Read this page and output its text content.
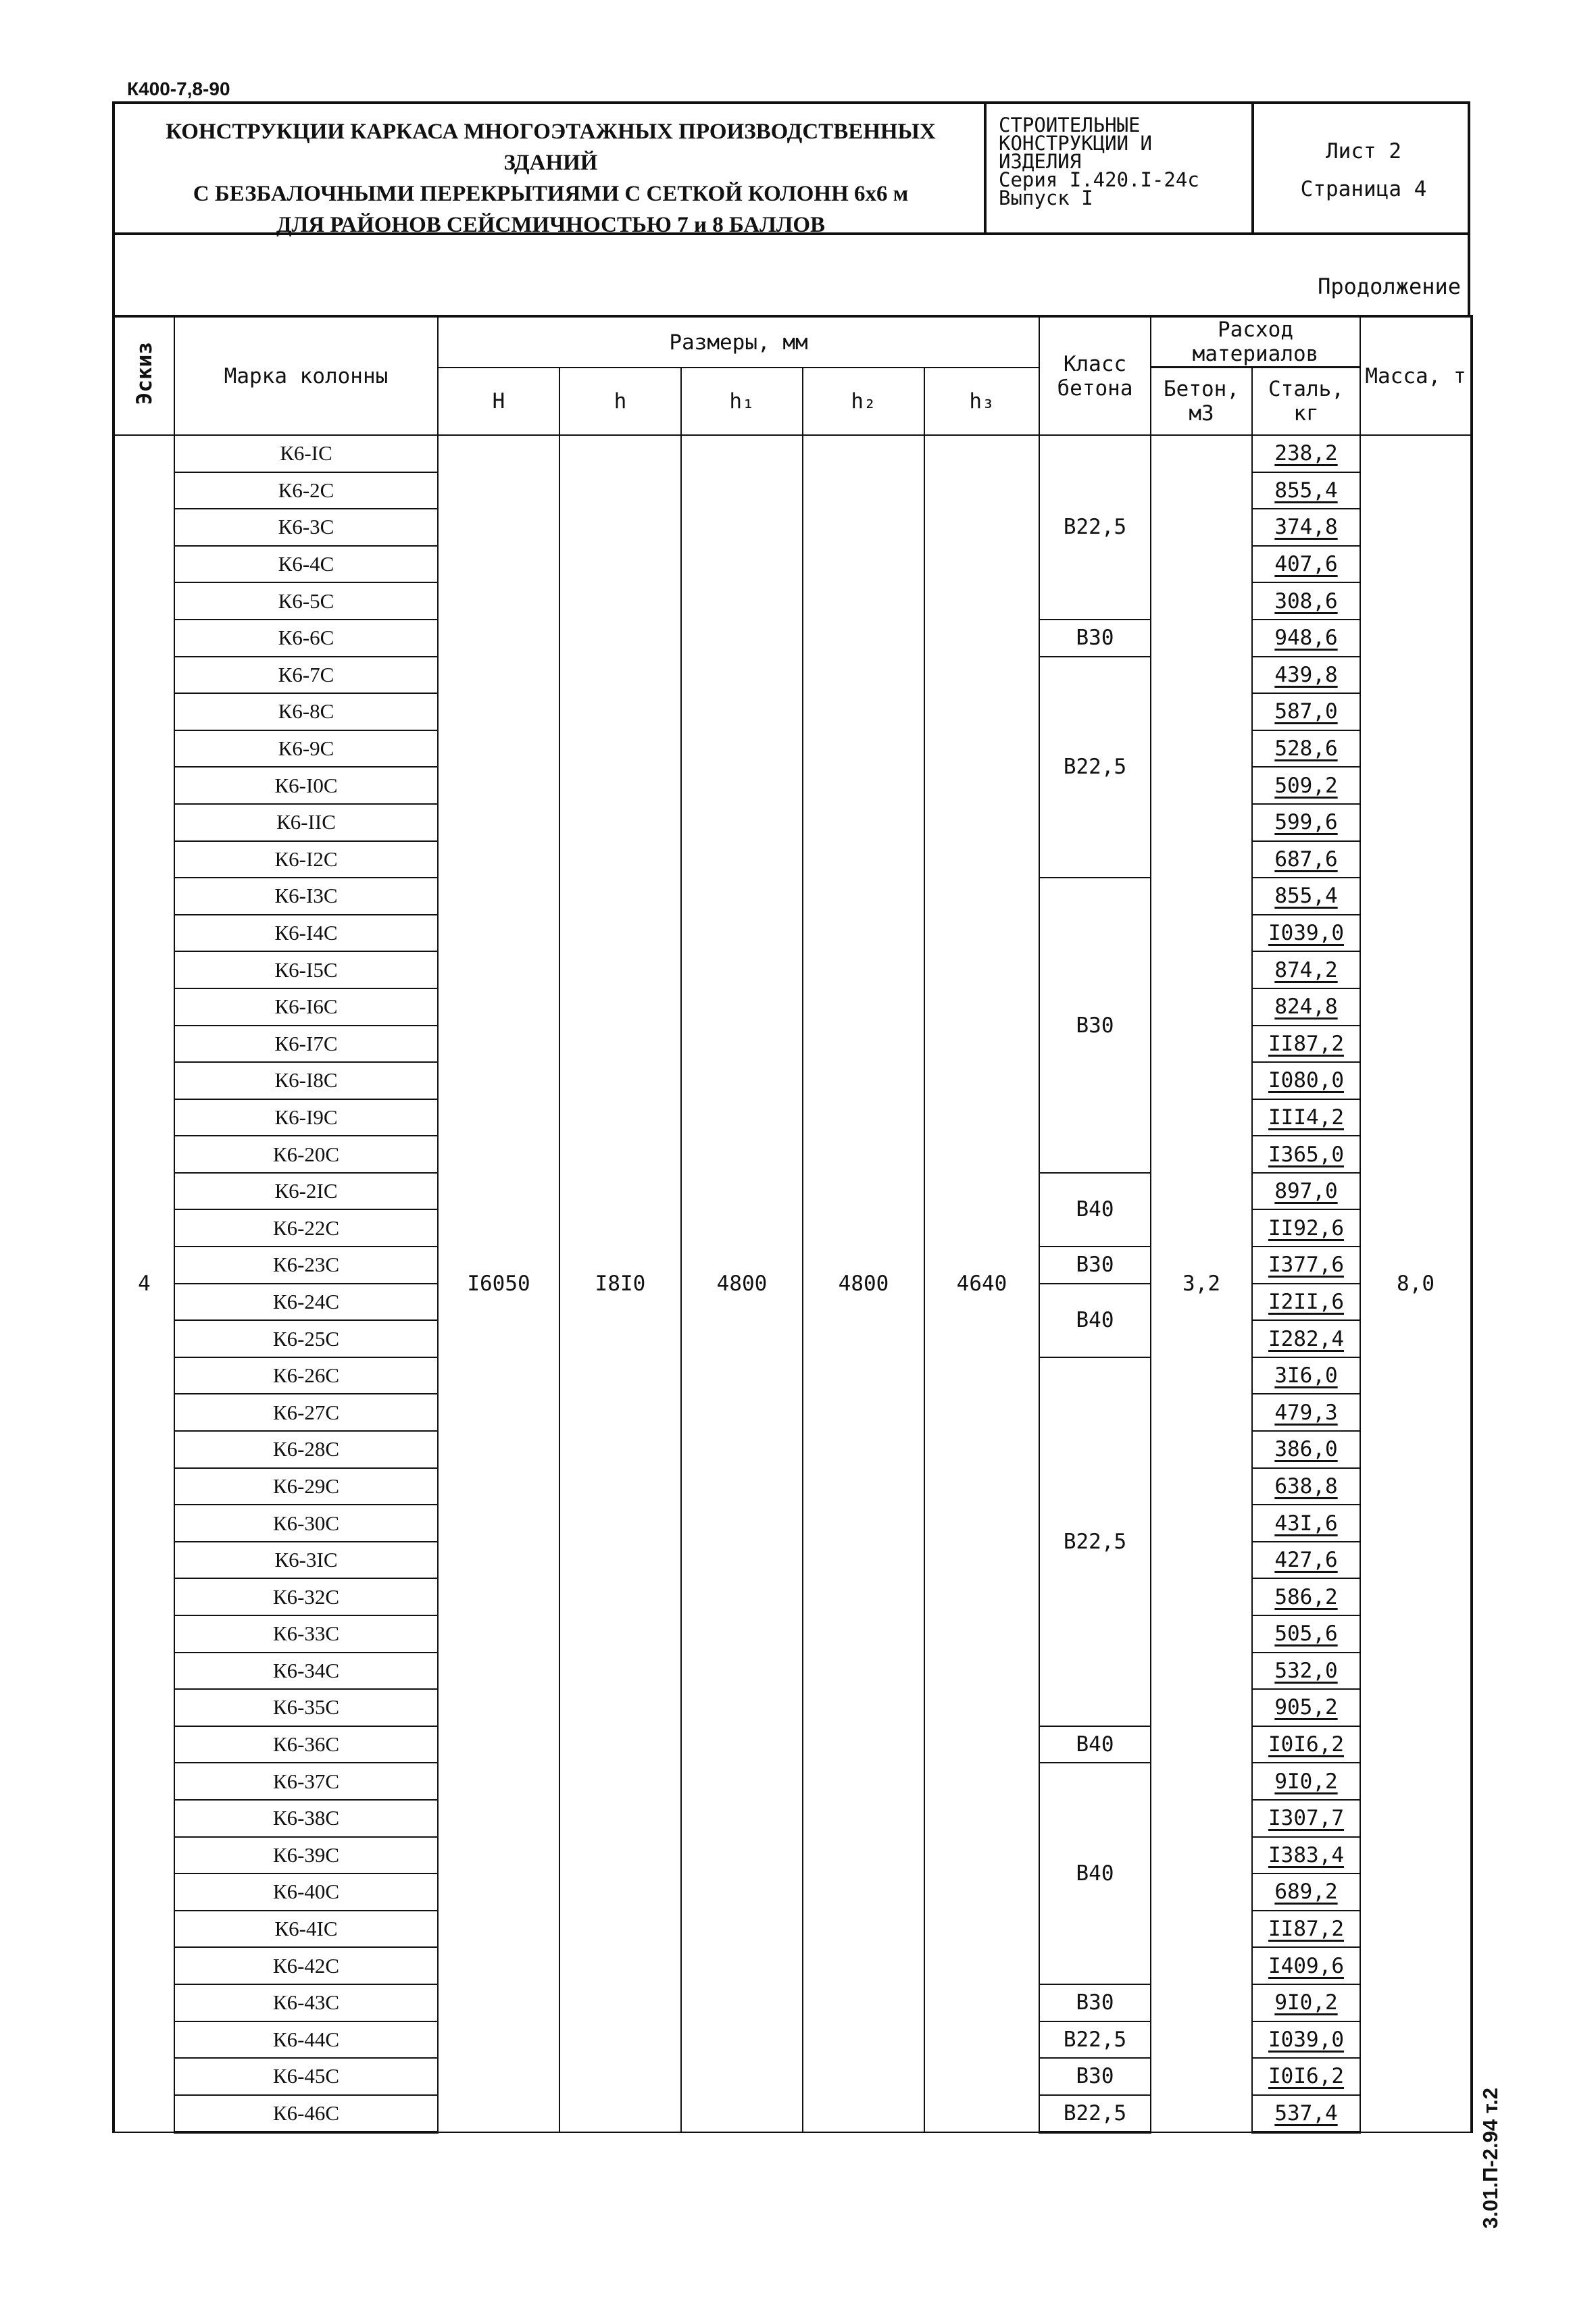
К400-7,8-90
КОНСТРУКЦИИ КАРКАСА МНОГОЭТАЖНЫХ ПРОИЗВОДСТВЕННЫХ ЗДАНИЙ
С БЕЗБАЛОЧНЫМИ ПЕРЕКРЫТИЯМИ С СЕТКОЙ КОЛОНН 6х6 м
ДЛЯ РАЙОНОВ СЕЙСМИЧНОСТЬЮ 7 и 8 БАЛЛОВ
СТРОИТЕЛЬНЫЕ
КОНСТРУКЦИИ И
ИЗДЕЛИЯ
Серия I.420.I-24с
Выпуск I
Лист 2
Страница 4
Продолжение
Эскиз	Марка колонны	Размеры, мм					Класс бетона	Расход материалов		Масса, т

		H	h	h₁	h₂	h₃		Бетон, м3	Сталь, кг	
4	К6-IС	I6050	I8I0	4800	4800	4640	В22,5	3,2	238,2	8,0
	К6-2С								855,4	
	К6-3С								374,8	
	К6-4С								407,6	
	К6-5С								308,6	
	К6-6С						В30		948,6	
	К6-7С						В22,5		439,8	
	К6-8С								587,0	
	К6-9С								528,6	
	К6-I0С								509,2	
	К6-IIС								599,6	
	К6-I2С								687,6	
	К6-I3С						В30		855,4	
	К6-I4С								I039,0	
	К6-I5С								874,2	
	К6-I6С								824,8	
	К6-I7С								II87,2	
	К6-I8С								I080,0	
	К6-I9С								III4,2	
	К6-20С								I365,0	
	К6-2IС						В40		897,0	
	К6-22С								II92,6	
	К6-23С						В30		I377,6	
	К6-24С						В40		I2II,6	
	К6-25С								I282,4	
	К6-26С						В22,5		3I6,0	
	К6-27С								479,3	
	К6-28С								386,0	
	К6-29С								638,8	
	К6-30С								43I,6	
	К6-3IС								427,6	
	К6-32С								586,2	
	К6-33С								505,6	
	К6-34С								532,0	
	К6-35С								905,2	
	К6-36С						В40		I0I6,2	
	К6-37С						В40		9I0,2	
	К6-38С								I307,7	
	К6-39С								I383,4	
	К6-40С								689,2	
	К6-4IС								II87,2	
	К6-42С								I409,6	
	К6-43С						В30		9I0,2	
	К6-44С						В22,5		I039,0	
	К6-45С						В30		I0I6,2	
	К6-46С						В22,5		537,4		3.01.П-2.94 т.2
